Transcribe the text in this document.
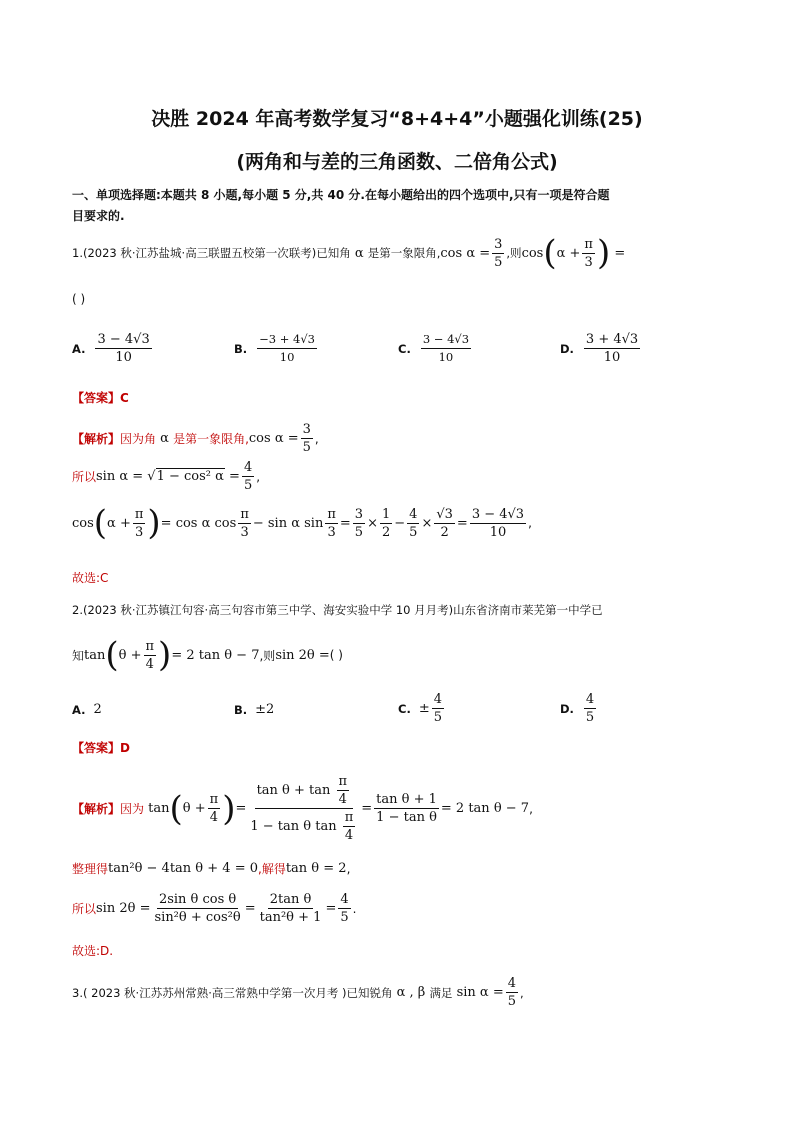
决胜 2024 年高考数学复习“8+4+4”小题强化训练(25)
(两角和与差的三角函数、二倍角公式)
一、单项选择题:本题共 8 小题,每小题 5 分,共 40 分.在每小题给出的四个选项中,只有一项是符合题
目要求的.
1. (2023 秋·江苏盐城·高三联盟五校第一次联考) 已知角 α 是第一象限角, $\cos \alpha = \frac{3}{5}$ ,则 cos ( $\alpha + \frac{\pi}{3}$ ) =
( )
A. $\frac{3 - 4√3}{10}$	B. $\frac{-3 + 4√3}{10}$	C. $\frac{3 - 4√3}{10}$	D. $\frac{3 + 4√3}{10}$
【答案】C
【解析】 因为角 α 是第一象限角, $\cos \alpha = \frac{3}{5}$ ,
所以 sin α = √1 − cos² $\alpha = \frac{4}{5}$ ,
cos ( $\alpha + \frac{\pi}{3}$ ) = cos α $\cos \frac{\pi}{3} - \sin \alpha$ $\sin \frac{\pi}{3} = \frac{3}{5} \times \frac{1}{2} - \frac{4}{5} \times \frac{√3}{2} = \frac{3 - 4√3}{10}$ ,
故选:C
2.(2023 秋·江苏镇江句容·高三句容市第三中学、海安实验中学 10 月月考)山东省济南市莱芜第一中学已
知 tan ( $\theta + \frac{\pi}{4}$ ) = 2 tan θ − 7 ,则 sin 2θ = ( )
A. 2	B. ±2	C. ± $\frac{4}{5}$	D. $\frac{4}{5}$
【答案】D
【解析】 因为 tan ( $\theta + \frac{\pi}{4}$ ) = $\frac{\tan \theta + \tan \frac{\pi}{4}}{1 - \tan \theta \tan \frac{\pi}{4}} = \frac{\text{tan θ + 1}}{\text{1 − tan θ}} = 2$ tan θ − 7 ,
整理得 tan²θ − 4tan θ + 4 = 0 ,解得 tan θ = 2 ,
所以 $\sin 2\theta = \frac{\text{2sin θ cos θ}}{\text{sin²θ + cos²θ}} = \frac{\text{2tan θ}}{\text{tan²θ + 1}} = \frac{4}{5}$ .
故选:D.
3. ( 2023 秋·江苏苏州常熟·高三常熟中学第一次月考 ) 已知锐角 α , β 满足 $\sin \alpha = \frac{4}{5}$ ,
